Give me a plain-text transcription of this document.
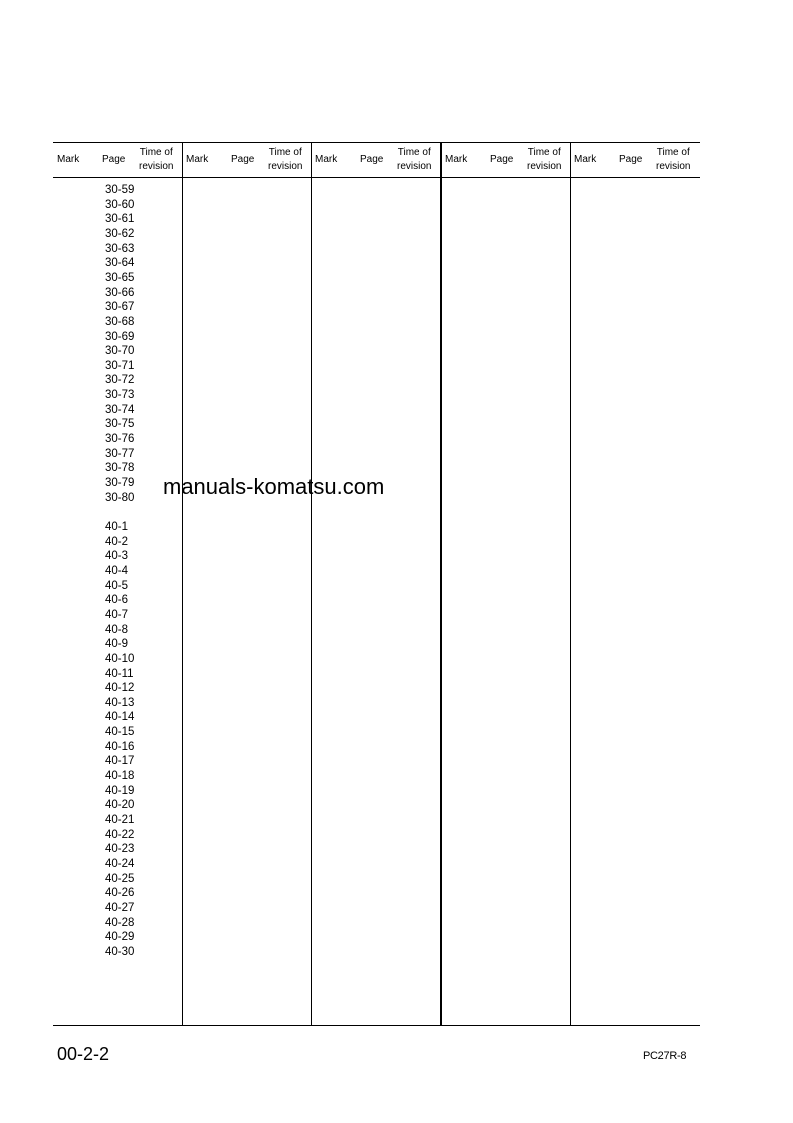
Mark Page
Time of
revision
Mark Page
Time of
revision
Mark Page
Time of
revision
Mark Page
Time of
revision
Mark Page
Time of
revision
30-59
30-60
30-61
30-62
30-63
30-64
30-65
30-66
30-67
30-68
30-69
30-70
30-71
30-72
30-73
30-74
30-75
30-76
30-77
30-78
30-79
30-80
40-1
40-2
40-3
40-4
40-5
40-6
40-7
40-8
40-9
40-10
40-11
40-12
40-13
40-14
40-15
40-16
40-17
40-18
40-19
40-20
40-21
40-22
40-23
40-24
40-25
40-26
40-27
40-28
40-29
40-30
manuals-komatsu.com
00-2-2	PC27R-8
